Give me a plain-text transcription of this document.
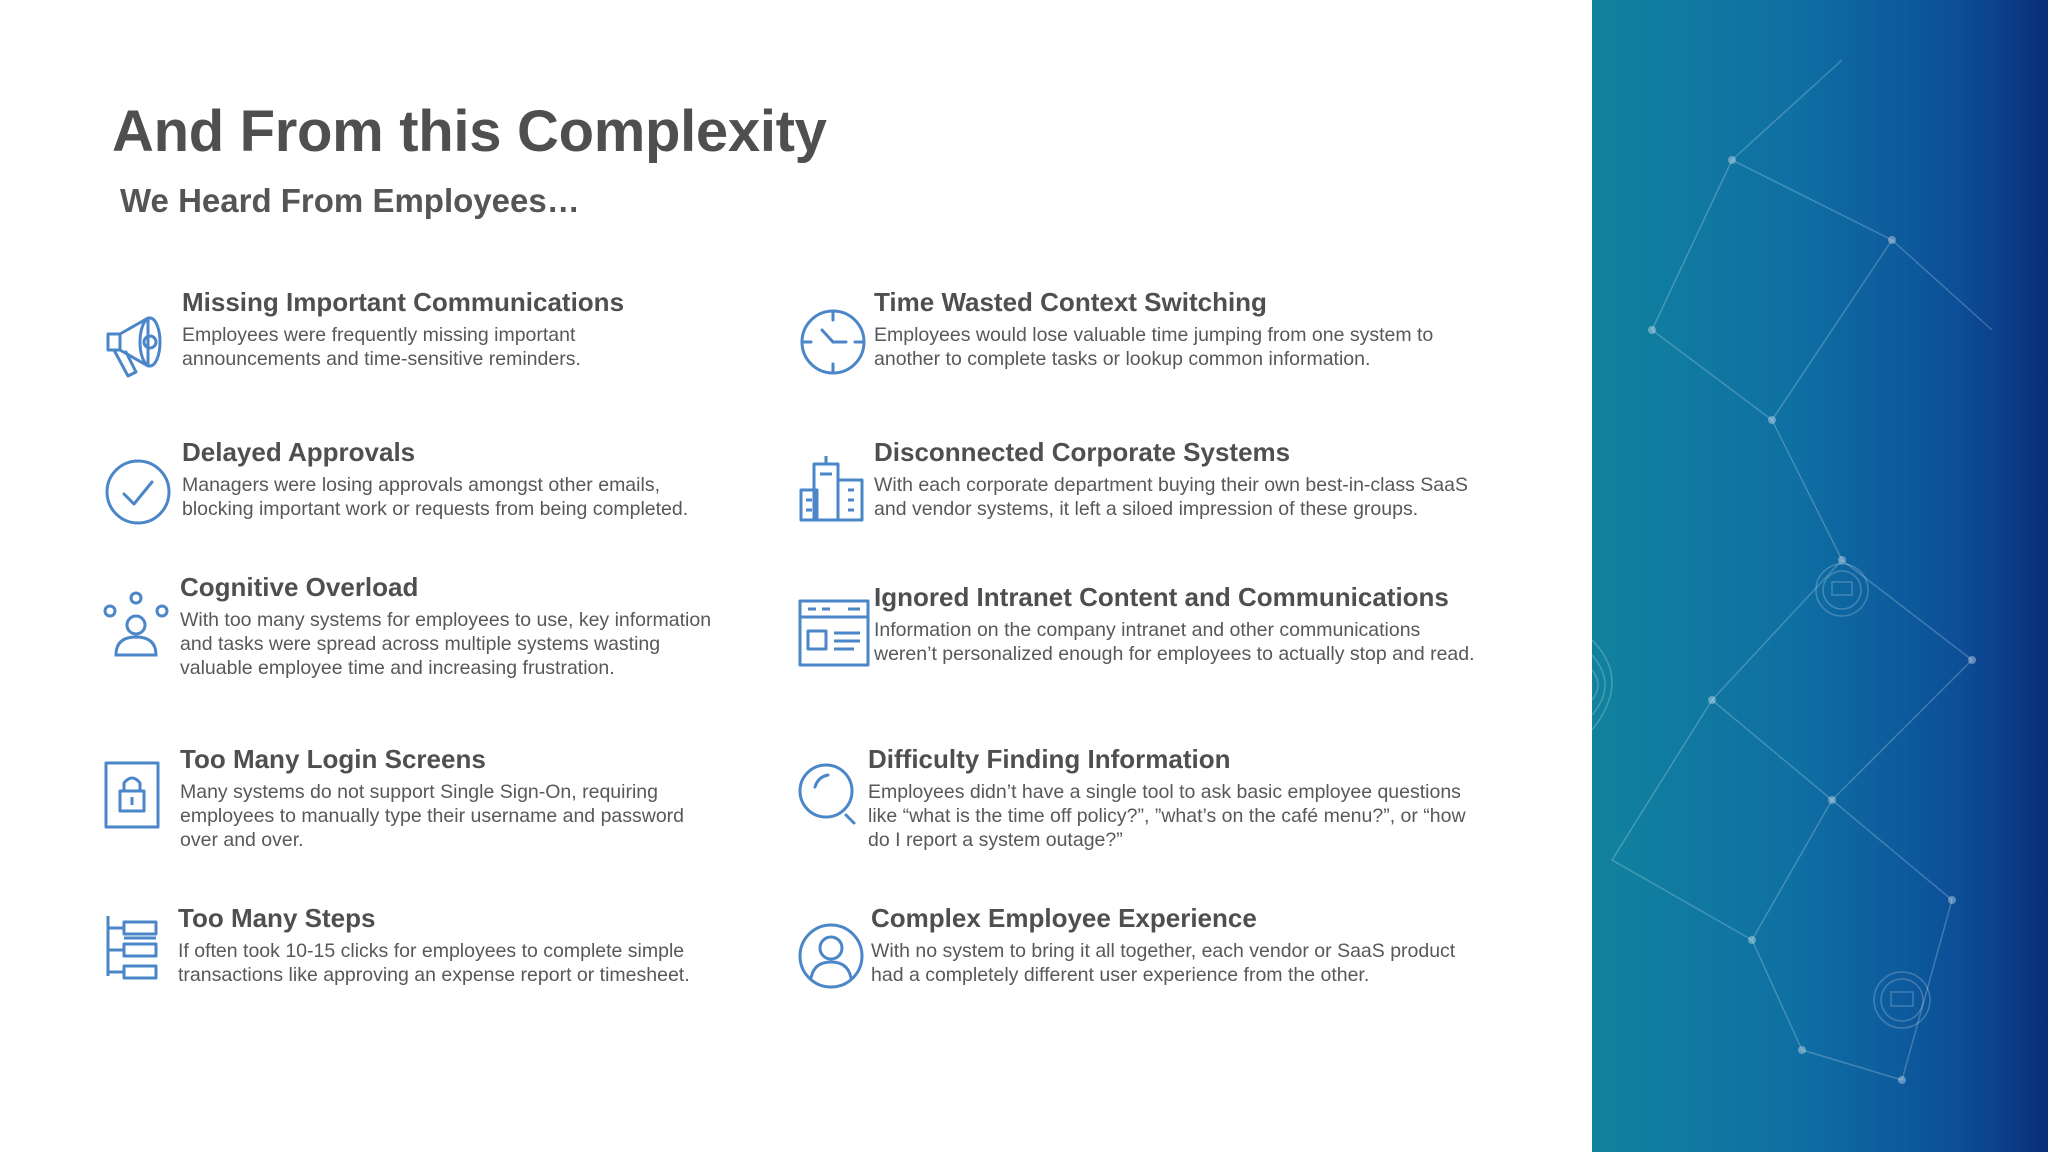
And From this Complexity
We Heard From Employees…
Missing Important Communications

Employees were frequently missing important
announcements and time-sensitive reminders.

Time Wasted Context Switching

Employees would lose valuable time jumping from one system to
another to complete tasks or lookup common information.

Delayed Approvals

Managers were losing approvals amongst other emails,
blocking important work or requests from being completed.

Disconnected Corporate Systems

With each corporate department buying their own best-in-class SaaS
and vendor systems, it left a siloed impression of these groups.

Cognitive Overload

With too many systems for employees to use, key information
and tasks were spread across multiple systems wasting
valuable employee time and increasing frustration.

Ignored Intranet Content and Communications

Information on the company intranet and other communications
weren’t personalized enough for employees to actually stop and read.

Too Many Login Screens

Many systems do not support Single Sign-On, requiring
employees to manually type their username and password
over and over.

Difficulty Finding Information

Employees didn’t have a single tool to ask basic employee questions
like “what is the time off policy?”, ”what’s on the café menu?”, or “how
do I report a system outage?”

Too Many Steps

If often took 10-15 clicks for employees to complete simple
transactions like approving an expense report or timesheet.

Complex Employee Experience

With no system to bring it all together, each vendor or SaaS product
had a completely different user experience from the other.
